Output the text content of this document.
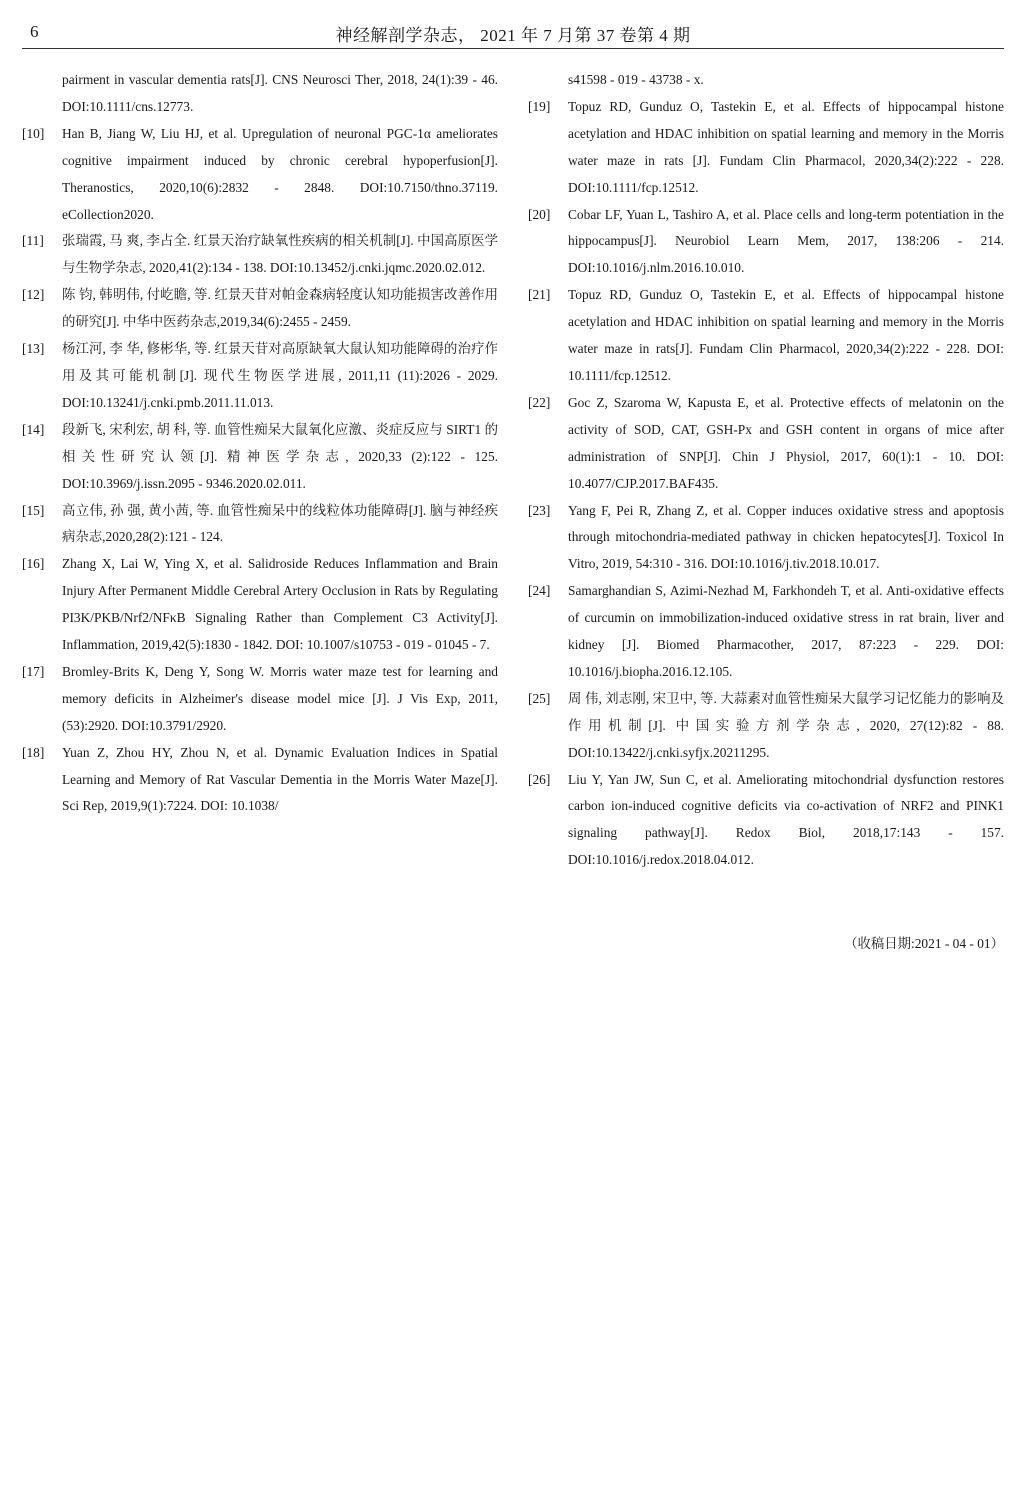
6	神经解剖学杂志， 2021 年 7 月第 37 卷第 4 期
pairment in vascular dementia rats[J]. CNS Neurosci Ther, 2018, 24(1):39 - 46. DOI:10.1111/cns.12773.
[10]	Han B, Jiang W, Liu HJ, et al. Upregulation of neuronal PGC-1α ameliorates cognitive impairment induced by chronic cerebral hypoperfusion[J]. Theranostics, 2020,10(6):2832 - 2848. DOI:10.7150/thno.37119. eCollection2020.
[11]	张瑞霞, 马 爽, 李占全. 红景天治疗缺氧性疾病的相关机制[J]. 中国高原医学与生物学杂志, 2020,41(2):134 - 138. DOI:10.13452/j.cnki.jqmc.2020.02.012.
[12]	陈 钧, 韩明伟, 付屹瞻, 等. 红景天苷对帕金森病轻度认知功能损害改善作用的研究[J]. 中华中医药杂志,2019,34(6):2455 - 2459.
[13]	杨江河, 李 华, 修彬华, 等. 红景天苷对高原缺氧大鼠认知功能障碍的治疗作用及其可能机制[J]. 现代生物医学进展, 2011,11 (11):2026 - 2029. DOI:10.13241/j.cnki.pmb.2011.11.013.
[14]	段新飞, 宋利宏, 胡 科, 等. 血管性痴呆大鼠氧化应激、炎症反应与 SIRT1 的相关性研究认领[J]. 精神医学杂志, 2020,33 (2):122 - 125. DOI:10.3969/j.issn.2095 - 9346.2020.02.011.
[15]	高立伟, 孙 强, 黄小茜, 等. 血管性痴呆中的线粒体功能障碍[J]. 脑与神经疾病杂志,2020,28(2):121 - 124.
[16]	Zhang X, Lai W, Ying X, et al. Salidroside Reduces Inflammation and Brain Injury After Permanent Middle Cerebral Artery Occlusion in Rats by Regulating PI3K/PKB/Nrf2/NFκB Signaling Rather than Complement C3 Activity[J]. Inflammation, 2019,42(5):1830 - 1842. DOI: 10.1007/s10753 - 019 - 01045 - 7.
[17]	Bromley-Brits K, Deng Y, Song W. Morris water maze test for learning and memory deficits in Alzheimer's disease model mice [J]. J Vis Exp, 2011,(53):2920. DOI:10.3791/2920.
[18]	Yuan Z, Zhou HY, Zhou N, et al. Dynamic Evaluation Indices in Spatial Learning and Memory of Rat Vascular Dementia in the Morris Water Maze[J]. Sci Rep, 2019,9(1):7224. DOI: 10.1038/
s41598 - 019 - 43738 - x.
[19]	Topuz RD, Gunduz O, Tastekin E, et al. Effects of hippocampal histone acetylation and HDAC inhibition on spatial learning and memory in the Morris water maze in rats [J]. Fundam Clin Pharmacol, 2020,34(2):222 - 228. DOI:10.1111/fcp.12512.
[20]	Cobar LF, Yuan L, Tashiro A, et al. Place cells and long-term potentiation in the hippocampus[J]. Neurobiol Learn Mem, 2017, 138:206 - 214. DOI:10.1016/j.nlm.2016.10.010.
[21]	Topuz RD, Gunduz O, Tastekin E, et al. Effects of hippocampal histone acetylation and HDAC inhibition on spatial learning and memory in the Morris water maze in rats[J]. Fundam Clin Pharmacol, 2020,34(2):222 - 228. DOI: 10.1111/fcp.12512.
[22]	Goc Z, Szaroma W, Kapusta E, et al. Protective effects of melatonin on the activity of SOD, CAT, GSH-Px and GSH content in organs of mice after administration of SNP[J]. Chin J Physiol, 2017, 60(1):1 - 10. DOI: 10.4077/CJP.2017.BAF435.
[23]	Yang F, Pei R, Zhang Z, et al. Copper induces oxidative stress and apoptosis through mitochondria-mediated pathway in chicken hepatocytes[J]. Toxicol In Vitro, 2019, 54:310 - 316. DOI:10.1016/j.tiv.2018.10.017.
[24]	Samarghandian S, Azimi-Nezhad M, Farkhondeh T, et al. Anti-oxidative effects of curcumin on immobilization-induced oxidative stress in rat brain, liver and kidney [J]. Biomed Pharmacother, 2017, 87:223 - 229. DOI: 10.1016/j.biopha.2016.12.105.
[25]	周 伟, 刘志刚, 宋卫中, 等. 大蒜素对血管性痴呆大鼠学习记忆能力的影响及作用机制[J]. 中国实验方剂学杂志, 2020, 27(12):82 - 88. DOI:10.13422/j.cnki.syfjx.20211295.
[26]	Liu Y, Yan JW, Sun C, et al. Ameliorating mitochondrial dysfunction restores carbon ion-induced cognitive deficits via co-activation of NRF2 and PINK1 signaling pathway[J]. Redox Biol, 2018,17:143 - 157. DOI:10.1016/j.redox.2018.04.012.
（收稿日期:2021 - 04 - 01）
